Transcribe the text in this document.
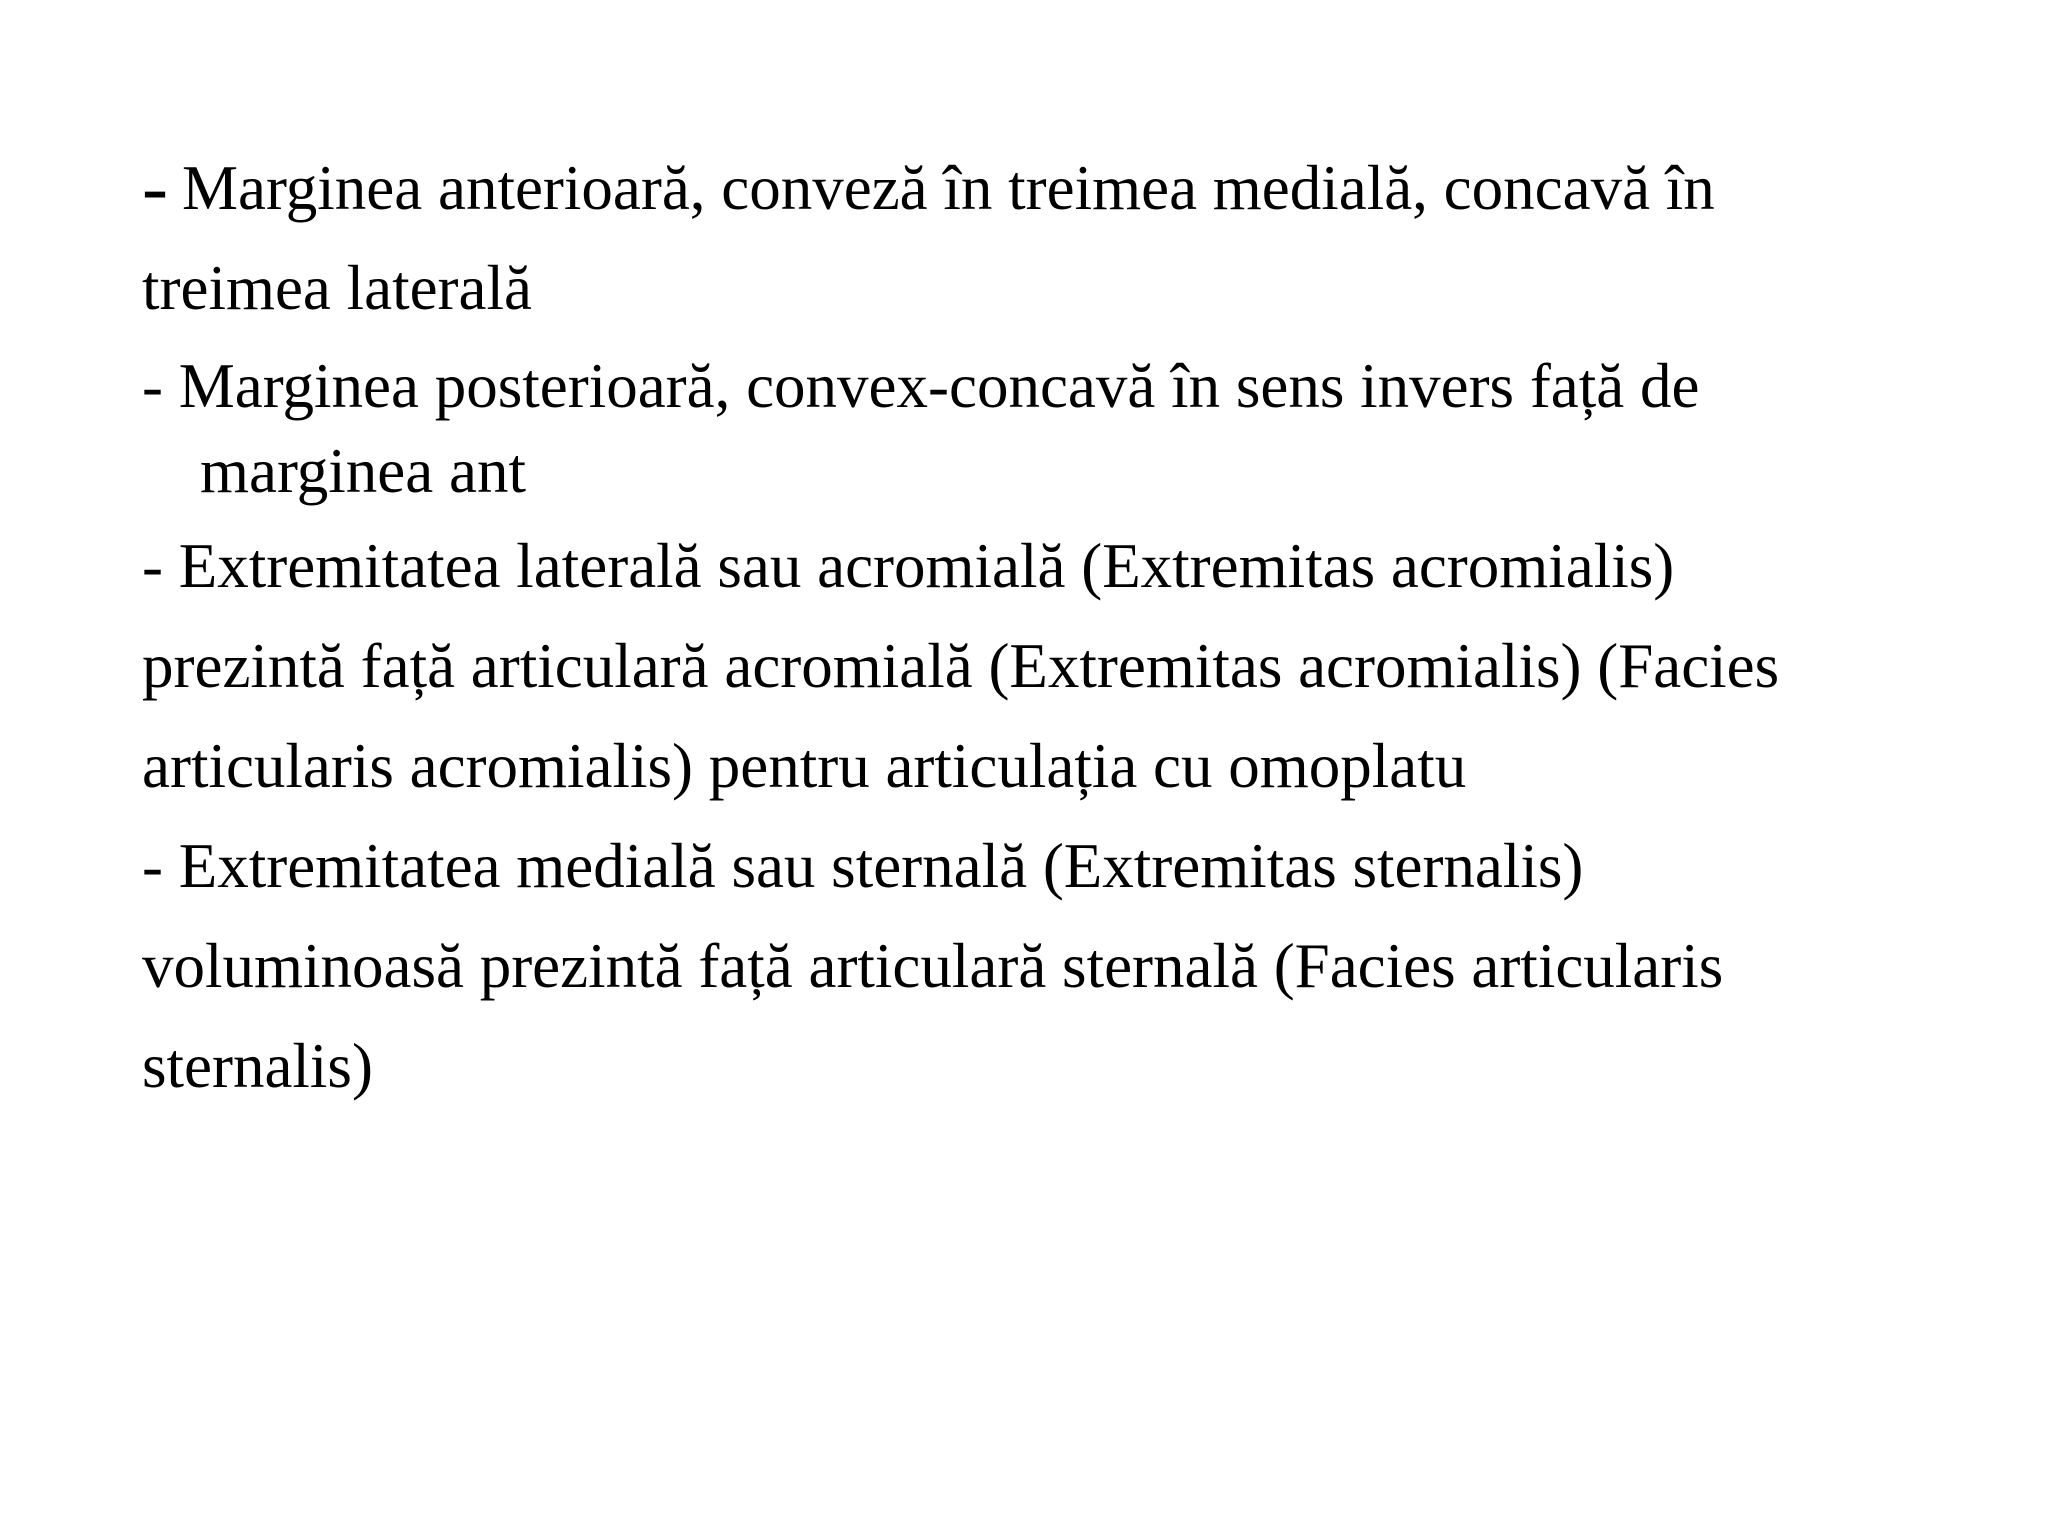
- Marginea anterioară, conveză în treimea medială, concavă în
treimea laterală
- Marginea posterioară, convex-concavă în sens invers față de
marginea ant
- Extremitatea laterală sau acromială (Extremitas acromialis)
prezintă față articulară acromială (Extremitas acromialis) (Facies
articularis acromialis) pentru articulația cu omoplatu
- Extremitatea medială sau sternală (Extremitas sternalis)
voluminoasă prezintă față articulară sternală (Facies articularis
sternalis)
